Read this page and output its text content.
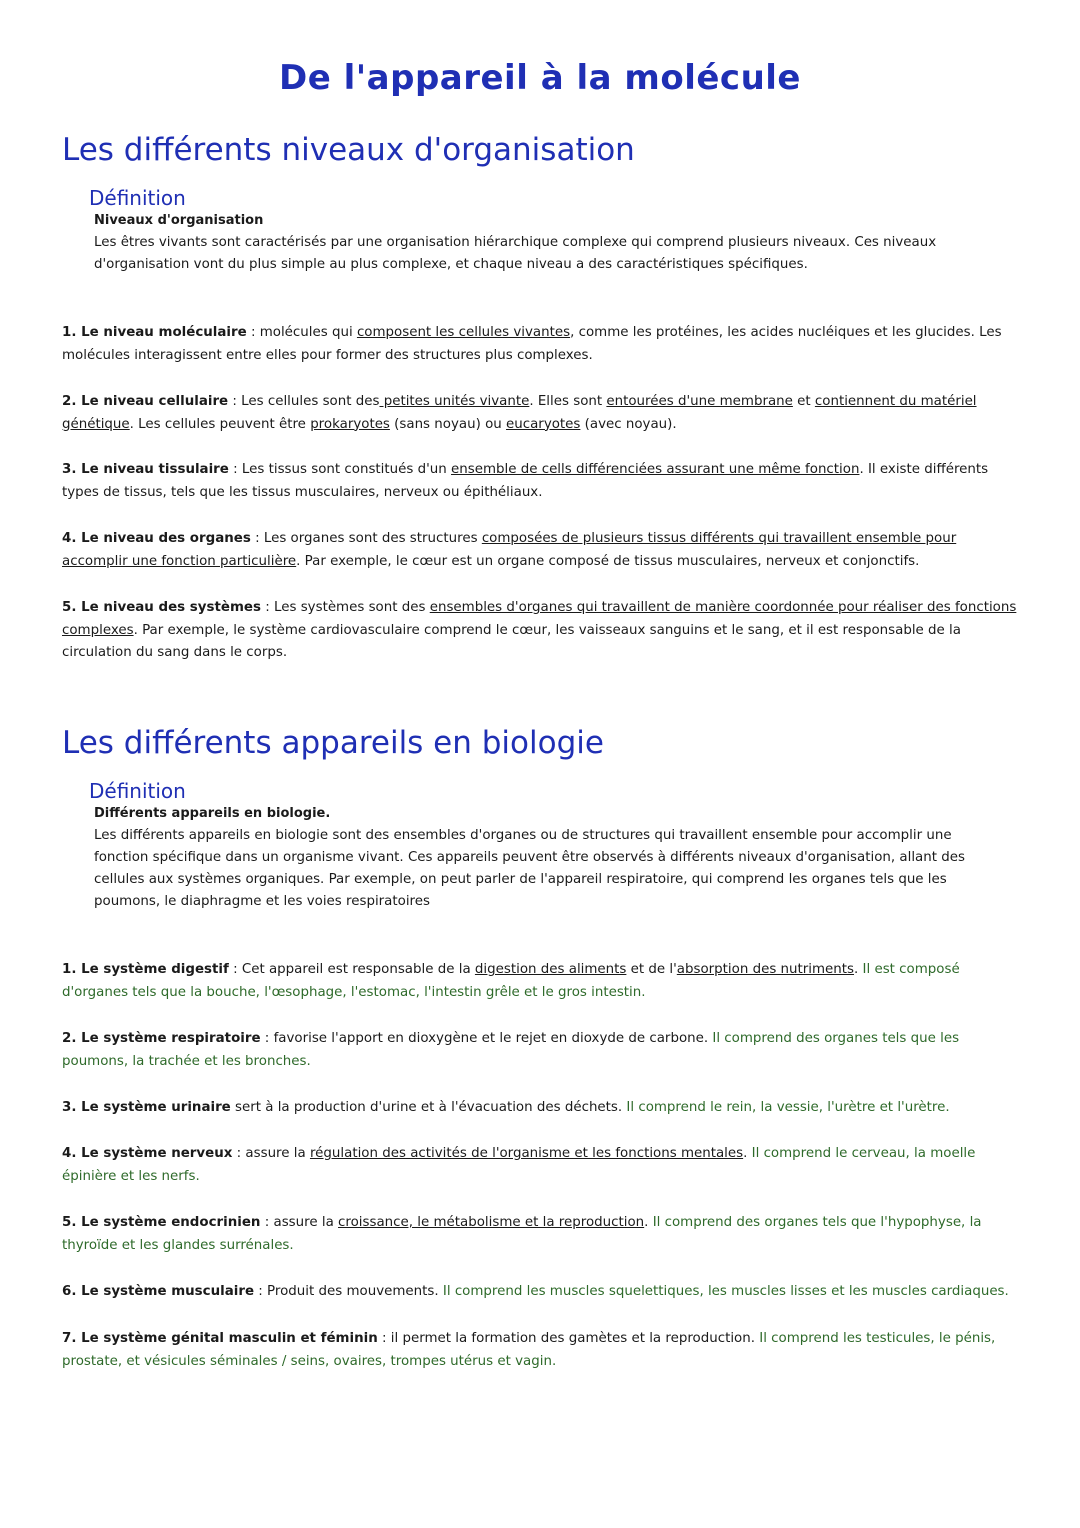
De l'appareil à la molécule
Les différents niveaux d'organisation
Définition
Niveaux d'organisation
Les êtres vivants sont caractérisés par une organisation hiérarchique complexe qui comprend plusieurs niveaux. Ces niveaux d'organisation vont du plus simple au plus complexe, et chaque niveau a des caractéristiques spécifiques.
1. Le niveau moléculaire : molécules qui composent les cellules vivantes, comme les protéines, les acides nucléiques et les glucides. Les molécules interagissent entre elles pour former des structures plus complexes.
2. Le niveau cellulaire : Les cellules sont des petites unités vivante. Elles sont entourées d'une membrane et contiennent du matériel génétique. Les cellules peuvent être prokaryotes (sans noyau) ou eucaryotes (avec noyau).
3. Le niveau tissulaire : Les tissus sont constitués d'un ensemble de cells différenciées assurant une même fonction. Il existe différents types de tissus, tels que les tissus musculaires, nerveux ou épithéliaux.
4. Le niveau des organes : Les organes sont des structures composées de plusieurs tissus différents qui travaillent ensemble pour accomplir une fonction particulière. Par exemple, le cœur est un organe composé de tissus musculaires, nerveux et conjonctifs.
5. Le niveau des systèmes : Les systèmes sont des ensembles d'organes qui travaillent de manière coordonnée pour réaliser des fonctions complexes. Par exemple, le système cardiovasculaire comprend le cœur, les vaisseaux sanguins et le sang, et il est responsable de la circulation du sang dans le corps.
Les différents appareils en biologie
Définition
Différents appareils en biologie.
Les différents appareils en biologie sont des ensembles d'organes ou de structures qui travaillent ensemble pour accomplir une fonction spécifique dans un organisme vivant. Ces appareils peuvent être observés à différents niveaux d'organisation, allant des cellules aux systèmes organiques. Par exemple, on peut parler de l'appareil respiratoire, qui comprend les organes tels que les poumons, le diaphragme et les voies respiratoires
1. Le système digestif : Cet appareil est responsable de la digestion des aliments et de l'absorption des nutriments. Il est composé d'organes tels que la bouche, l'œsophage, l'estomac, l'intestin grêle et le gros intestin.
2. Le système respiratoire : favorise l'apport en dioxygène et le rejet en dioxyde de carbone. Il comprend des organes tels que les poumons, la trachée et les bronches.
3. Le système urinaire sert à la production d'urine et à l'évacuation des déchets. Il comprend le rein, la vessie, l'urètre et l'urètre.
4. Le système nerveux : assure la régulation des activités de l'organisme et les fonctions mentales. Il comprend le cerveau, la moelle épinière et les nerfs.
5. Le système endocrinien : assure la croissance, le métabolisme et la reproduction. Il comprend des organes tels que l'hypophyse, la thyroïde et les glandes surrénales.
6. Le système musculaire : Produit des mouvements. Il comprend les muscles squelettiques, les muscles lisses et les muscles cardiaques.
7. Le système génital masculin et féminin : il permet la formation des gamètes et la reproduction. Il comprend les testicules, le pénis, prostate, et vésicules séminales / seins, ovaires, trompes utérus et vagin.
